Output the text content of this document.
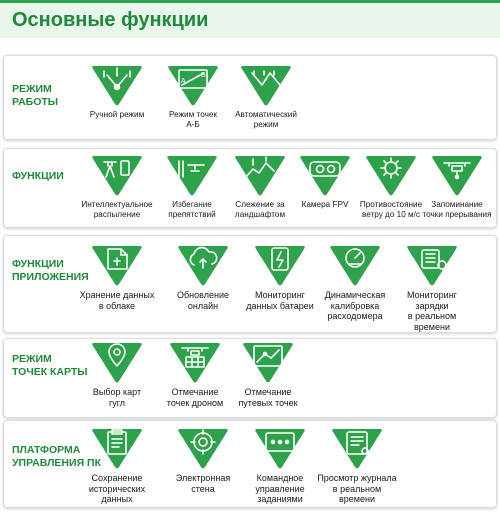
Основные функции
РЕЖИМ
РАБОТЫ
Ручной режим
A
Б
Режим точек
A-Б
Автоматический
режим
ФУНКЦИИ
Интеллектуальное
распыление
Избегание
препятствий
Слежение за
ландшафтом
Камера FPV	Противостояние
ветру до 10 м/с
Запоминание
точки прерывания
ФУНКЦИИ
ПРИЛОЖЕНИЯ
Хранение данных
в облаке
Обновление
онлайн
Мониторинг
данных батареи
Динамическая
калибровка
расходомера
Мониторинг
зарядки
в реальном времени
РЕЖИМ
ТОЧЕК КАРТЫ
Выбор карт
гугл
Отмечание
точек дроном
Отмечание
путевых точек
ПЛАТФОРМА
УПРАВЛЕНИЯ ПК
Сохранение
исторических данных
Электронная
стена
Командное
управление
заданиями
Просмотр журнала
в реальном времени
